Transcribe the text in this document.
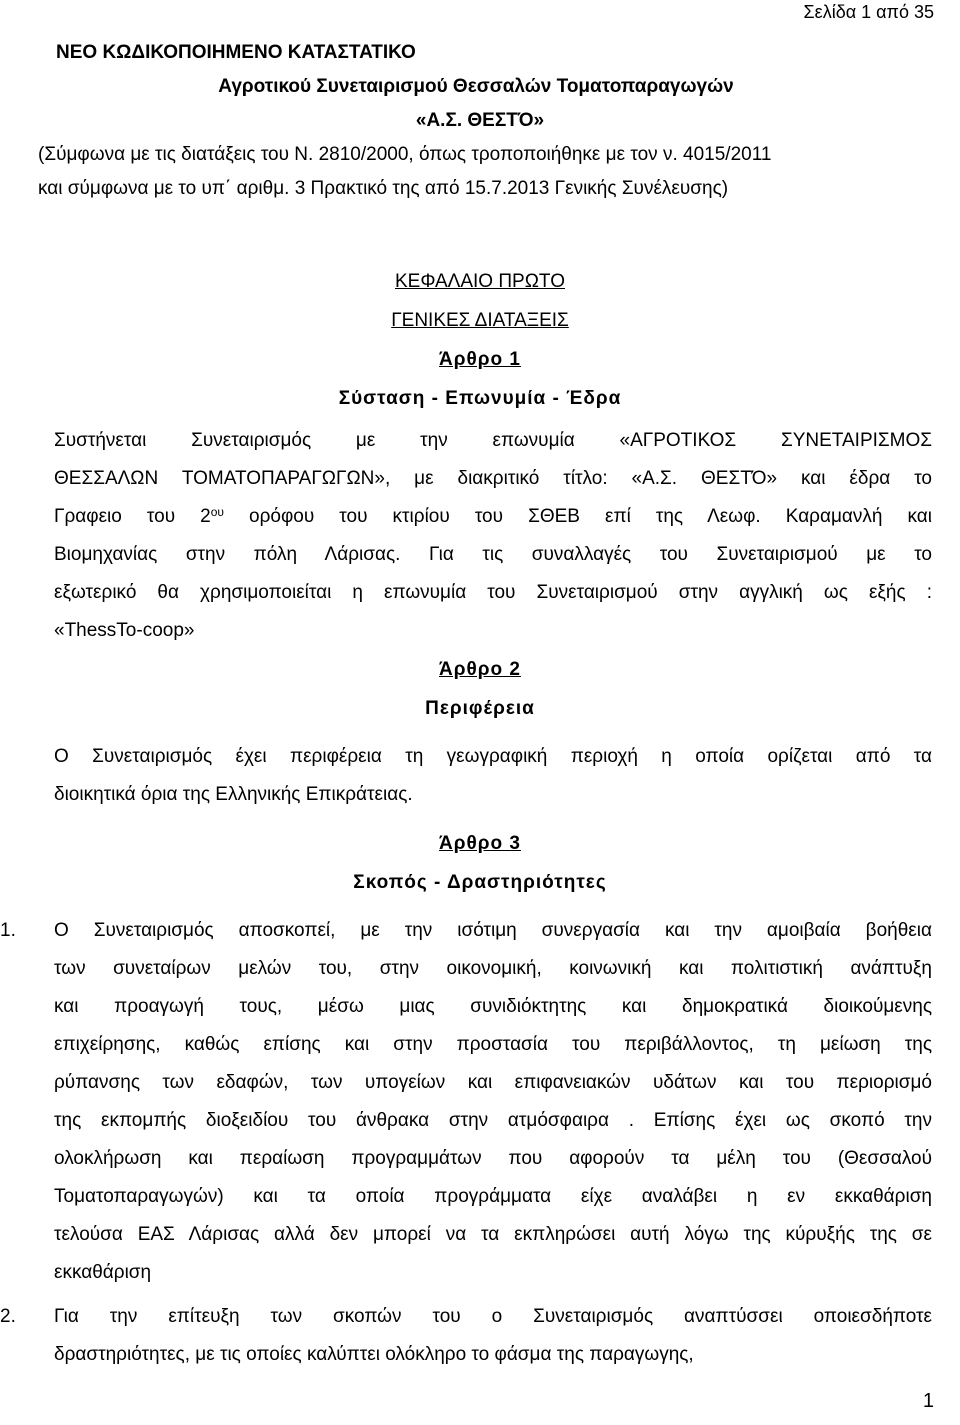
Σελίδα 1 από 35
ΝΕΟ ΚΩΔΙΚΟΠΟΙΗΜΕΝΟ ΚΑΤΑΣΤΑΤΙΚΟ
Αγροτικού Συνεταιρισμού Θεσσαλών Τοματοπαραγωγών
«Α.Σ. ΘΕΣΤΌ»
(Σύμφωνα με τις διατάξεις του Ν. 2810/2000, όπως τροποποιήθηκε με τον ν. 4015/2011
και σύμφωνα με το υπ΄ αριθμ. 3 Πρακτικό της από 15.7.2013 Γενικής Συνέλευσης)
ΚΕΦΑΛΑΙΟ ΠΡΩΤΟ
ΓΕΝΙΚΕΣ ΔΙΑΤΑΞΕΙΣ
Άρθρο 1
Σύσταση - Επωνυμία - Έδρα
Συστήνεται Συνεταιρισμός με την επωνυμία «ΑΓΡΟΤΙΚΟΣ ΣΥΝΕΤΑΙΡΙΣΜΟΣ
ΘΕΣΣΑΛΩΝ ΤΟΜΑΤΟΠΑΡΑΓΩΓΩΝ», με διακριτικό τίτλο: «Α.Σ. ΘΕΣΤΌ» και έδρα το
Γραφειο του $2^{o\upsilon}$ ορόφου του κτιρίου του ΣΘΕΒ επί της Λεωφ. Καραμανλή και
Βιομηχανίας στην πόλη Λάρισας. Για τις συναλλαγές του Συνεταιρισμού με το
εξωτερικό θα χρησιμοποιείται η επωνυμία του Συνεταιρισμού στην αγγλική ως εξής :
«ThessTo-coop»
Άρθρο 2
Περιφέρεια
Ο Συνεταιρισμός έχει περιφέρεια τη γεωγραφική περιοχή η οποία ορίζεται από τα
διοικητικά όρια της Ελληνικής Επικράτειας.
Άρθρο 3
Σκοπός - Δραστηριότητες
1. Ο Συνεταιρισμός αποσκοπεί, με την ισότιμη συνεργασία και την αμοιβαία βοήθεια
των συνεταίρων μελών του, στην οικονομική, κοινωνική και πολιτιστική ανάπτυξη
και προαγωγή τους, μέσω μιας συνιδιόκτητης και δημοκρατικά διοικούμενης
επιχείρησης, καθώς επίσης και στην προστασία του περιβάλλοντος, τη μείωση της
ρύπανσης των εδαφών, των υπογείων και επιφανειακών υδάτων και του περιορισμό
της εκπομπής διοξειδίου του άνθρακα στην ατμόσφαιρα . Επίσης έχει ως σκοπό την
ολοκλήρωση και περαίωση προγραμμάτων που αφορούν τα μέλη του (Θεσσαλού
Τοματοπαραγωγών) και τα οποία προγράμματα είχε αναλάβει η εν εκκαθάριση
τελούσα ΕΑΣ Λάρισας αλλά δεν μπορεί να τα εκπληρώσει αυτή λόγω της κύρυξής της σε
εκκαθάριση
2. Για την επίτευξη των σκοπών του ο Συνεταιρισμός αναπτύσσει οποιεσδήποτε
δραστηριότητες, με τις οποίες καλύπτει ολόκληρο το φάσμα της παραγωγης,
1
